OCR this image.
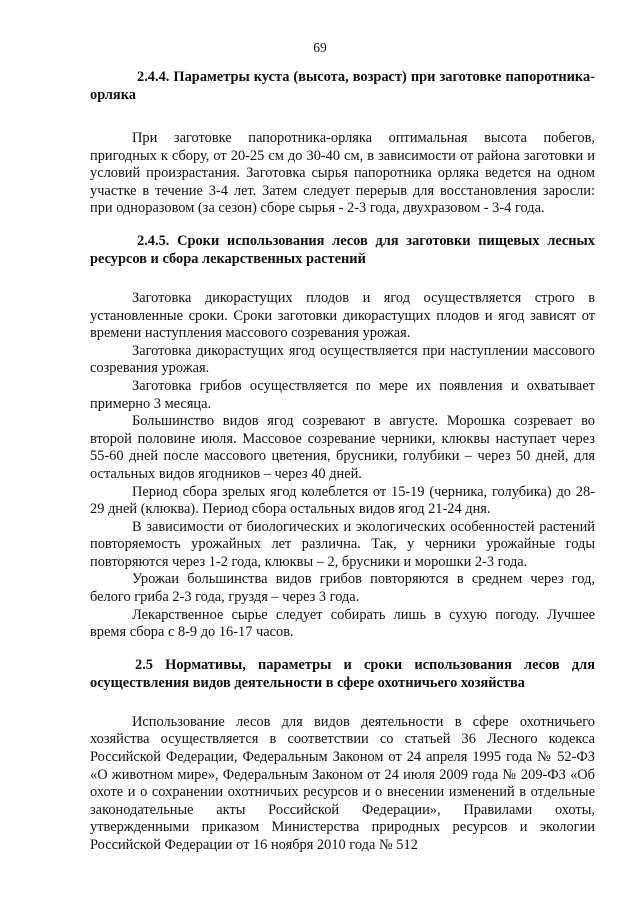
69
2.4.4. Параметры куста (высота, возраст) при заготовке папоротника-орляка

При заготовке папоротника-орляка оптимальная высота побегов, пригодных к сбору, от 20-25 см до 30-40 см, в зависимости от района заготовки и условий произрастания. Заготовка сырья папоротника орляка ведется на одном участке в течение 3-4 лет. Затем следует перерыв для восстановления заросли: при одноразовом (за сезон) сборе сырья - 2-3 года, двухразовом - 3-4 года.

2.4.5. Сроки использования лесов для заготовки пищевых лесных ресурсов и сбора лекарственных растений

Заготовка дикорастущих плодов и ягод осуществляется строго в установленные сроки. Сроки заготовки дикорастущих плодов и ягод зависят от времени наступления массового созревания урожая.

Заготовка дикорастущих ягод осуществляется при наступлении массового созревания урожая.

Заготовка грибов осуществляется по мере их появления и охватывает примерно 3 месяца.

Большинство видов ягод созревают в августе. Морошка созревает во второй половине июля. Массовое созревание черники, клюквы наступает через 55-60 дней после массового цветения, брусники, голубики – через 50 дней, для остальных видов ягодников – через 40 дней.

Период сбора зрелых ягод колеблется от 15-19 (черника, голубика) до 28-29 дней (клюква). Период сбора остальных видов ягод 21-24 дня.

В зависимости от биологических и экологических особенностей растений повторяемость урожайных лет различна. Так, у черники урожайные годы повторяются через 1-2 года, клюквы – 2, брусники и морошки 2-3 года.

Урожаи большинства видов грибов повторяются в среднем через год, белого гриба 2-3 года, груздя – через 3 года.

Лекарственное сырье следует собирать лишь в сухую погоду. Лучшее время сбора с 8-9 до 16-17 часов.

2.5 Нормативы, параметры и сроки использования лесов для осуществления видов деятельности в сфере охотничьего хозяйства

Использование лесов для видов деятельности в сфере охотничьего хозяйства осуществляется в соответствии со статьей 36 Лесного кодекса Российской Федерации, Федеральным Законом от 24 апреля 1995 года № 52-ФЗ «О животном мире», Федеральным Законом от 24 июля 2009 года № 209-ФЗ «Об охоте и о сохранении охотничьих ресурсов и о внесении изменений в отдельные законодательные акты Российской Федерации», Правилами охоты, утвержденными приказом Министерства природных ресурсов и экологии Российской Федерации от 16 ноября 2010 года № 512
